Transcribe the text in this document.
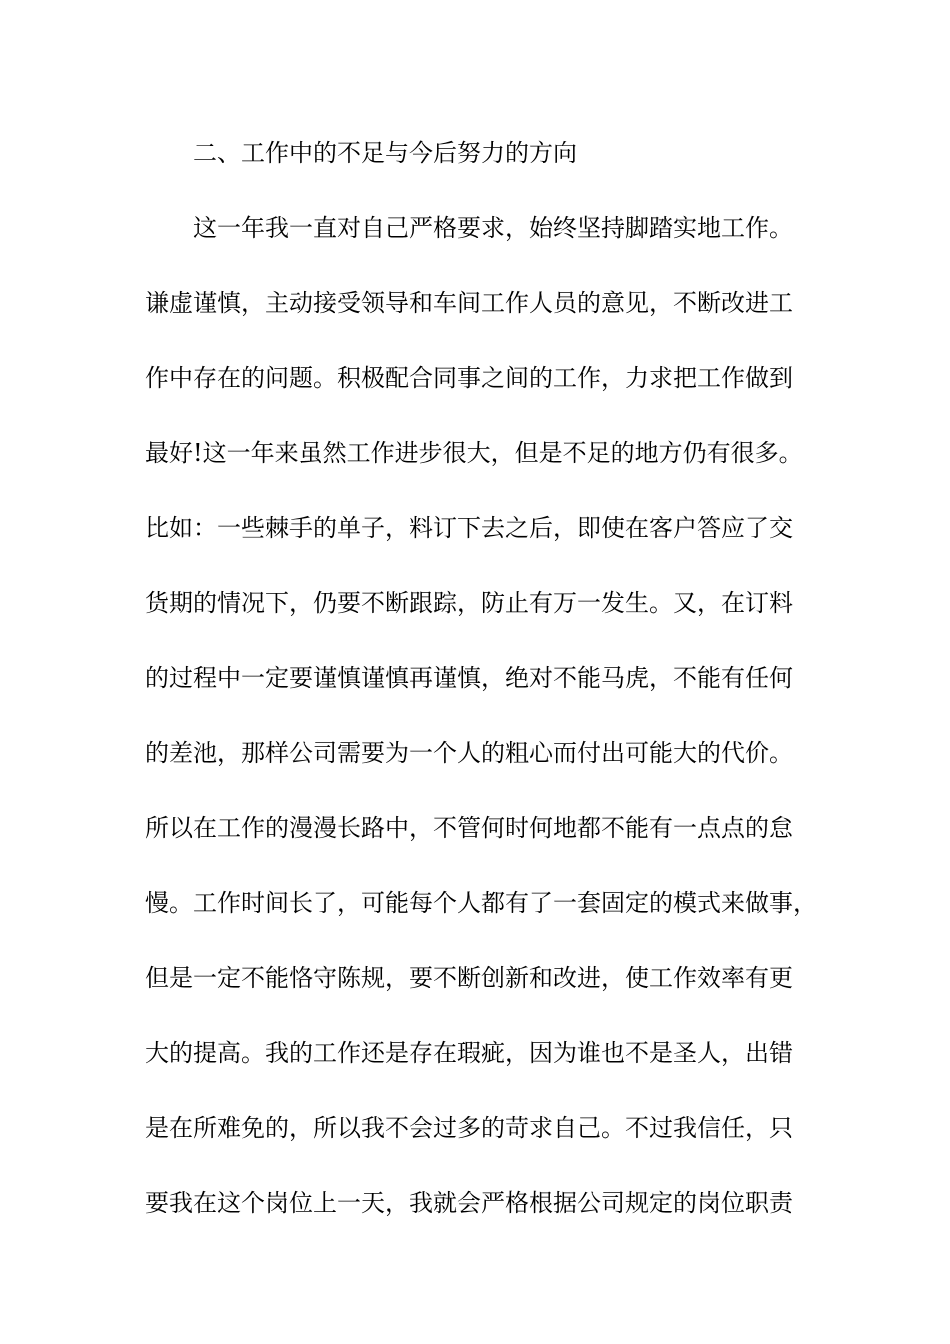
二、工作中的不足与今后努力的方向
这一年我一直对自己严格要求，始终坚持脚踏实地工作。
谦虚谨慎，主动接受领导和车间工作人员的意见，不断改进工
作中存在的问题。积极配合同事之间的工作，力求把工作做到
最好!这一年来虽然工作进步很大，但是不足的地方仍有很多。
比如：一些棘手的单子，料订下去之后，即使在客户答应了交
货期的情况下，仍要不断跟踪，防止有万一发生。又，在订料
的过程中一定要谨慎谨慎再谨慎，绝对不能马虎，不能有任何
的差池，那样公司需要为一个人的粗心而付出可能大的代价。
所以在工作的漫漫长路中，不管何时何地都不能有一点点的怠
慢。工作时间长了，可能每个人都有了一套固定的模式来做事，
但是一定不能恪守陈规，要不断创新和改进，使工作效率有更
大的提高。我的工作还是存在瑕疵，因为谁也不是圣人，出错
是在所难免的，所以我不会过多的苛求自己。不过我信任，只
要我在这个岗位上一天，我就会严格根据公司规定的岗位职责
